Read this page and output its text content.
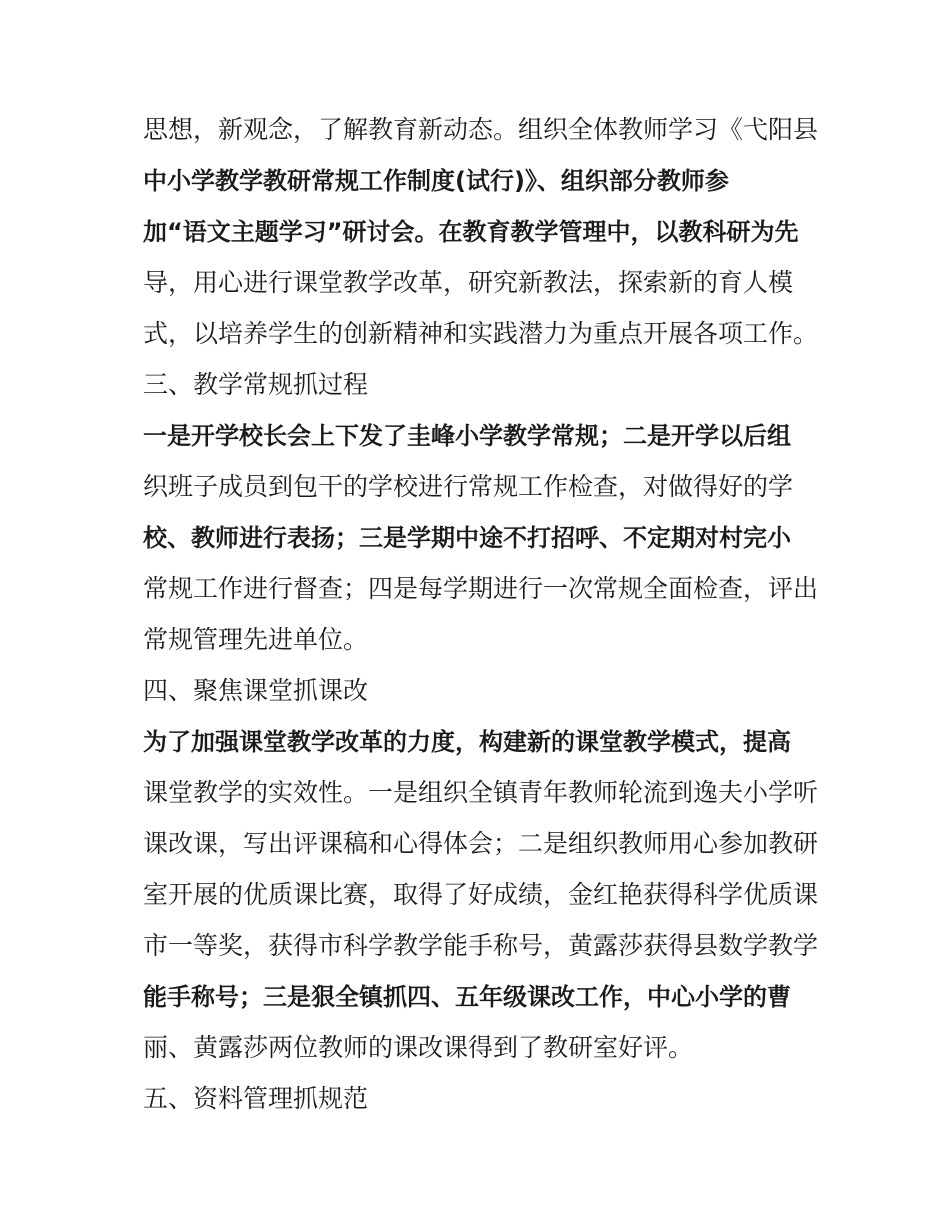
思想，新观念，了解教育新动态。组织全体教师学习《弋阳县
中小学教学教研常规工作制度(试行)》、组织部分教师参
加“语文主题学习”研讨会。在教育教学管理中，以教科研为先
导，用心进行课堂教学改革，研究新教法，探索新的育人模
式，以培养学生的创新精神和实践潜力为重点开展各项工作。
三、教学常规抓过程
一是开学校长会上下发了圭峰小学教学常规；二是开学以后组
织班子成员到包干的学校进行常规工作检查，对做得好的学
校、教师进行表扬；三是学期中途不打招呼、不定期对村完小
常规工作进行督查；四是每学期进行一次常规全面检查，评出
常规管理先进单位。
四、聚焦课堂抓课改
为了加强课堂教学改革的力度，构建新的课堂教学模式，提高
课堂教学的实效性。一是组织全镇青年教师轮流到逸夫小学听
课改课，写出评课稿和心得体会；二是组织教师用心参加教研
室开展的优质课比赛，取得了好成绩，金红艳获得科学优质课
市一等奖，获得市科学教学能手称号，黄露莎获得县数学教学
能手称号；三是狠全镇抓四、五年级课改工作，中心小学的曹
丽、黄露莎两位教师的课改课得到了教研室好评。
五、资料管理抓规范
